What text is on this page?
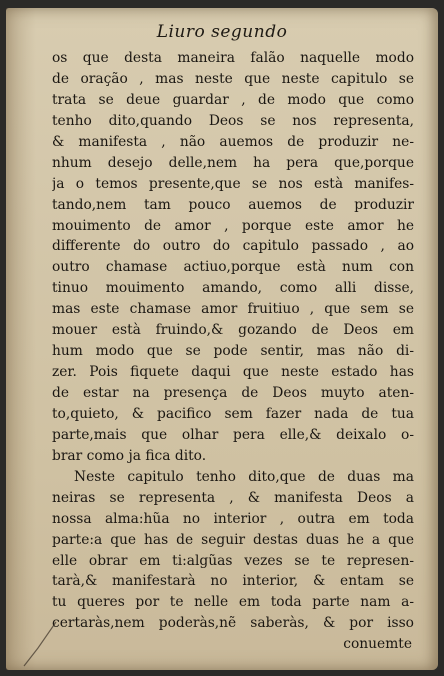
Liuro segundo
os que desta maneira falão naquelle modo
de oração , mas neste que neste capitulo se
trata se deue guardar , de modo que como
tenho dito,quando Deos se nos representa,
& manifesta , não auemos de produzir ne-
nhum desejo delle,nem ha pera que,porque
ja o temos presente,que se nos està manifes-
tando,nem tam pouco auemos de produzir
mouimento de amor , porque este amor he
differente do outro do capitulo passado , ao
outro chamase actiuo,porque està num con
tinuo mouimento amando, como alli disse,
mas este chamase amor fruitiuo , que sem se
mouer està fruindo,& gozando de Deos em
hum modo que se pode sentir, mas não di-
zer. Pois fiquete daqui que neste estado has
de estar na presença de Deos muyto aten-
to,quieto, & pacifico sem fazer nada de tua
parte,mais que olhar pera elle,& deixalo o-
brar como ja fica dito.
Neste capitulo tenho dito,que de duas ma
neiras se representa , & manifesta Deos a
nossa alma:hũa no interior , outra em toda
parte:a que has de seguir destas duas he a que
elle obrar em ti:algũas vezes se te represen-
tarà,& manifestarà no interior, & entam se
tu queres por te nelle em toda parte nam a-
certaràs,nem poderàs,nẽ saberàs, & por isso
conuemte
